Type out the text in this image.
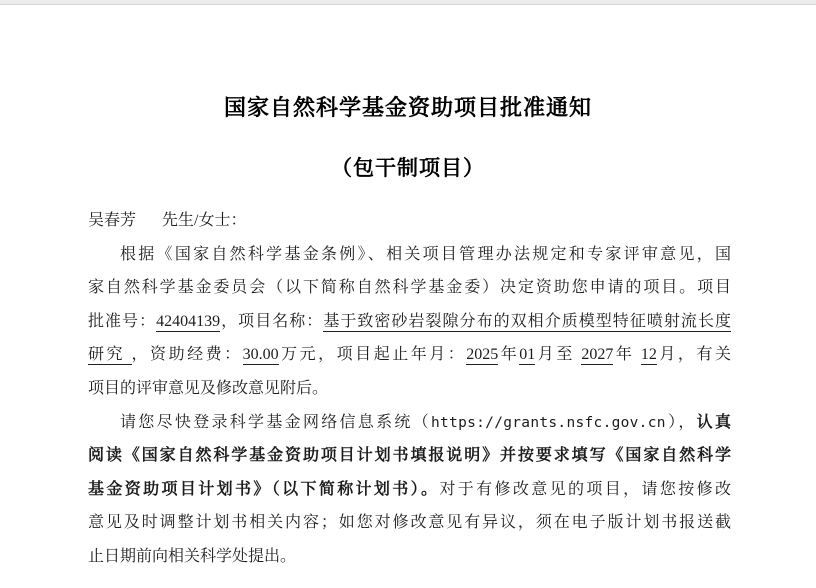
国家自然科学基金资助项目批准通知
（包干制项目）
吴春芳 先生/女士：
根据《国家自然科学基金条例》、相关项目管理办法规定和专家评审意见，国
家自然科学基金委员会（以下简称自然科学基金委）决定资助您申请的项目。项目
批准号：42404139，项目名称：基于致密砂岩裂隙分布的双相介质模型特征喷射流长度
研究 ，资助经费：30.00万元，项目起止年月：2025年01月至 2027年 12月，有关
项目的评审意见及修改意见附后。
请您尽快登录科学基金网络信息系统（https://grants.nsfc.gov.cn），认真
阅读《国家自然科学基金资助项目计划书填报说明》并按要求填写《国家自然科学
基金资助项目计划书》（以下简称计划书）。对于有修改意见的项目，请您按修改
意见及时调整计划书相关内容；如您对修改意见有异议，须在电子版计划书报送截
止日期前向相关科学处提出。
